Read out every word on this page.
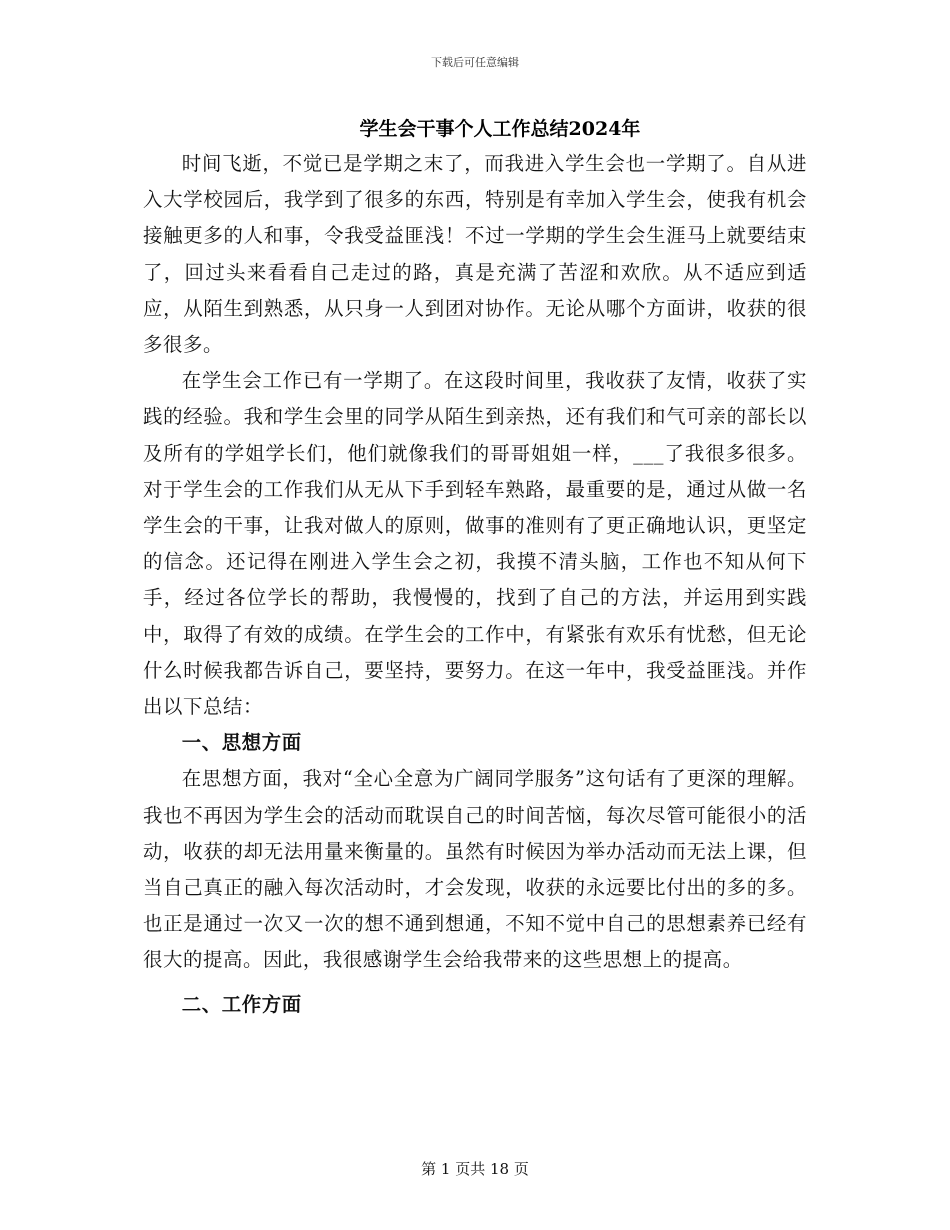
下载后可任意编辑
学生会干事个人工作总结2024年

时间飞逝，不觉已是学期之末了，而我进入学生会也一学期了。自从进入大学校园后，我学到了很多的东西，特别是有幸加入学生会，使我有机会接触更多的人和事，令我受益匪浅！不过一学期的学生会生涯马上就要结束了，回过头来看看自己走过的路，真是充满了苦涩和欢欣。从不适应到适应，从陌生到熟悉，从只身一人到团对协作。无论从哪个方面讲，收获的很多很多。

在学生会工作已有一学期了。在这段时间里，我收获了友情，收获了实践的经验。我和学生会里的同学从陌生到亲热，还有我们和气可亲的部长以及所有的学姐学长们，他们就像我们的哥哥姐姐一样，___了我很多很多。对于学生会的工作我们从无从下手到轻车熟路，最重要的是，通过从做一名学生会的干事，让我对做人的原则，做事的准则有了更正确地认识，更坚定的信念。还记得在刚进入学生会之初，我摸不清头脑，工作也不知从何下手，经过各位学长的帮助，我慢慢的，找到了自己的方法，并运用到实践中，取得了有效的成绩。在学生会的工作中，有紧张有欢乐有忧愁，但无论什么时候我都告诉自己，要坚持，要努力。在这一年中，我受益匪浅。并作出以下总结：

一、思想方面

在思想方面，我对“全心全意为广阔同学服务”这句话有了更深的理解。我也不再因为学生会的活动而耽误自己的时间苦恼，每次尽管可能很小的活动，收获的却无法用量来衡量的。虽然有时候因为举办活动而无法上课，但当自己真正的融入每次活动时，才会发现，收获的永远要比付出的多的多。也正是通过一次又一次的想不通到想通，不知不觉中自己的思想素养已经有很大的提高。因此，我很感谢学生会给我带来的这些思想上的提高。

二、工作方面

第 1 页共 18 页
